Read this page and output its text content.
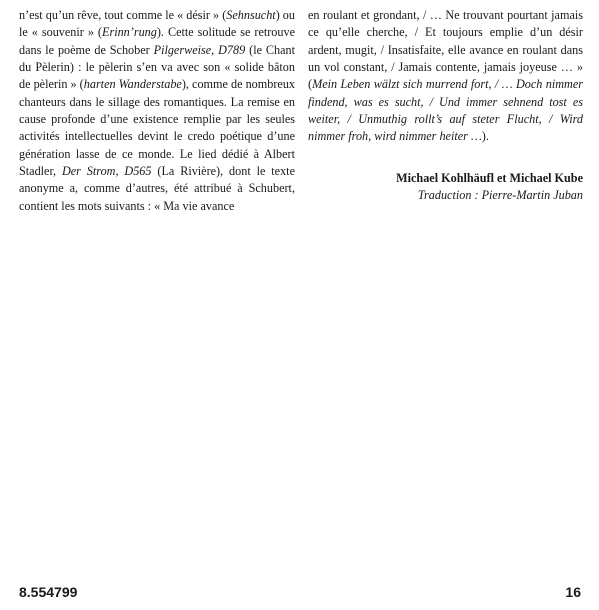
n’est qu’un rêve, tout comme le « désir » (Sehnsucht) ou le « souvenir » (Erinn’rung). Cette solitude se retrouve dans le poème de Schober Pilgerweise, D789 (le Chant du Pèlerin) : le pèlerin s’en va avec son « solide bâton de pèlerin » (harten Wanderstabe), comme de nombreux chanteurs dans le sillage des romantiques. La remise en cause profonde d’une existence remplie par les seules activités intellectuelles devint le credo poétique d’une génération lasse de ce monde. Le lied dédié à Albert Stadler, Der Strom, D565 (La Rivière), dont le texte anonyme a, comme d’autres, été attribué à Schubert, contient les mots suivants : « Ma vie avance

en roulant et grondant, / … Ne trouvant pourtant jamais ce qu’elle cherche, / Et toujours emplie d’un désir ardent, mugit, / Insatisfaite, elle avance en roulant dans un vol constant, / Jamais contente, jamais joyeuse … » (Mein Leben wälzt sich murrend fort, / … Doch nimmer findend, was es sucht, / Und immer sehnend tost es weiter, / Unmuthig rollt’s auf steter Flucht, / Wird nimmer froh, wird nimmer heiter …).

Michael Kohlhäufl et Michael Kube
Traduction : Pierre-Martin Juban
8.554799	16
